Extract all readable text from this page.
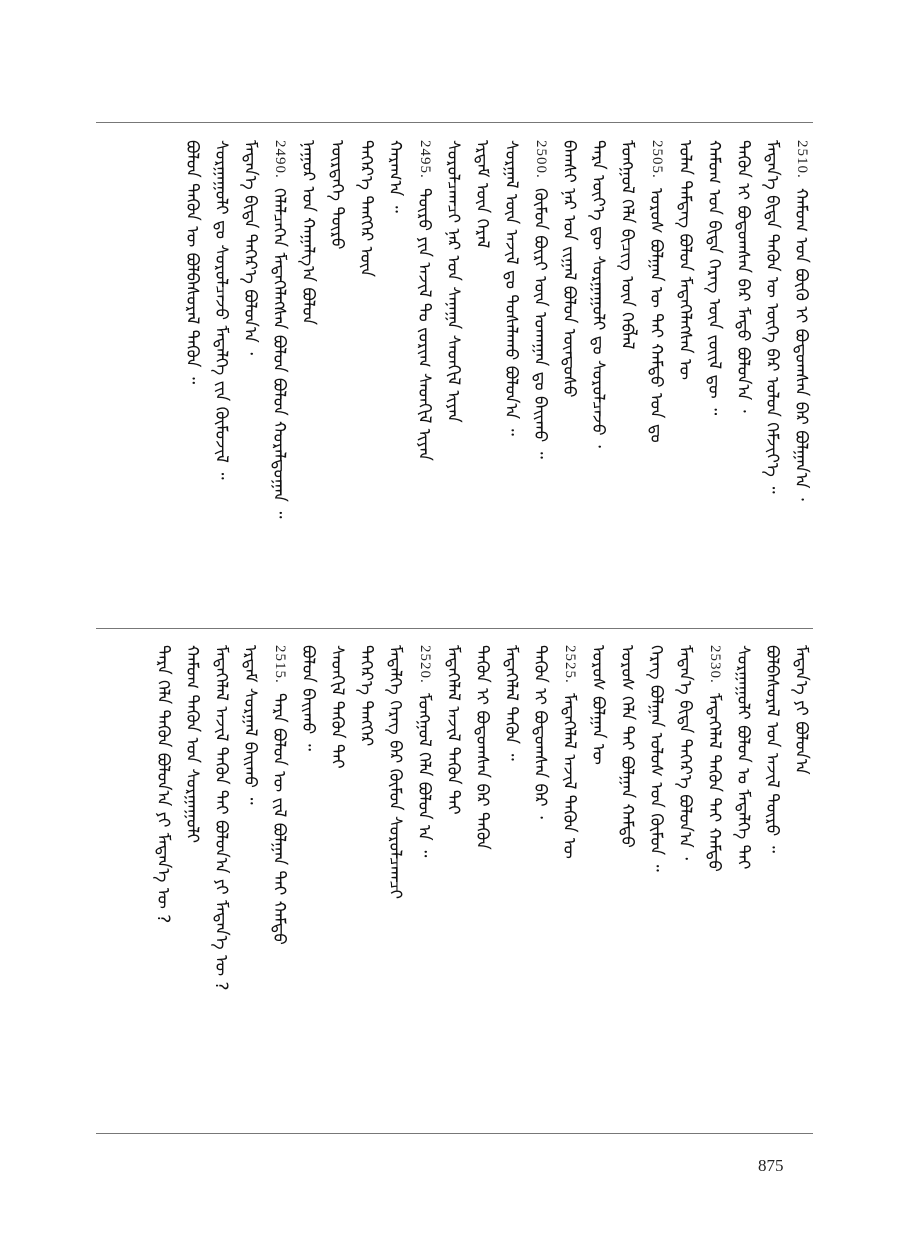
2510.
ᠬᠠᠮᠤᠭ ᠤᠨ ᠪᠦᠬᠦ ᠢ ᠪᠣᠳᠤᠭᠰᠠᠨ ᠪᠡᠷ ᠪᠣᠯᠭᠠᠨ᠎ᠠ ᠂
ᠮᠡᠳᠡᠨ᠎ᠡ ᠪᠢᠳᠡ ᠲᠡᠭᠦᠨ ᠦ ᠦᠭᠡ ᠪᠠᠷ ᠤᠯᠤᠨ ᠬᠡᠮᠵᠢᠶ᠎ᠡ ᠃
ᠲᠡᠭᠦᠨ ᠢ ᠪᠣᠳᠤᠭᠰᠠᠨ ᠪᠠᠷ ᠮᠠᠲᠤ ᠪᠣᠯᠤᠨ᠎ᠠ ᠂
ᠬᠠᠮᠤᠭ ᠤᠨ ᠪᠢᠳᠡ ᠬᠡᠷᠡᠭ ᠦᠨ ᠵᠦᠢᠯ ᠳᠦ ᠃
ᠣᠯᠠᠨ ᠲᠡᠮᠳᠡᠭ ᠪᠣᠯᠤᠨ ᠮᠡᠳᠡᠭᠡᠯᠡᠭᠰᠡᠨ ᠦ
2505.
ᠤᠷᠤᠰ ᠪᠣᠯᠭᠠᠨ ᠦ ᠲᠠᠢ ᠬᠠᠮᠲᠤ ᠤᠨ ᠳᠤ
ᠮᠣᠩᠭᠣᠯ ᠬᠡᠯᠡ ᠪᠢᠴᠢᠭ ᠦᠨ ᠬᠡᠪᠯᠡᠯ
ᠲᠡᠷᠡ ᠦᠶ᠎ᠡ ᠳᠦ ᠰᠤᠷᠭᠠᠭᠤᠯᠢ ᠳᠤ ᠰᠤᠷᠤᠯᠴᠠᠵᠤ ᠂
ᠪᠠᠭᠰᠢ ᠨᠠᠷ ᠤᠨ ᠵᠢᠭᠠᠯ ᠪᠣᠯᠤᠨ ᠦᠨᠳᠦᠰᠦ
2500.
ᠬᠦᠮᠦᠨ ᠪᠦᠷᠢ ᠦᠨ ᠤᠬᠠᠭᠠᠨ ᠳᠤ ᠪᠠᠢᠬᠤ ᠃
ᠰᠤᠷᠭᠠᠯ ᠦᠨ ᠠᠵᠢᠯ ᠳᠤ ᠲᠤᠰᠠᠯᠠᠬᠤ ᠪᠣᠯᠤᠨ᠎ᠠ ᠃
ᠡᠷᠳᠡᠮ ᠦᠨ ᠭᠡᠷᠡᠯ
ᠰᠤᠷᠤᠯᠴᠠᠭᠴᠢ ᠨᠠᠷ ᠤᠨ ᠰᠠᠨᠠᠭᠠ ᠰᠡᠳᠬᠢᠯ ᠢᠶᠡᠨ
2495.
ᠲᠦᠷᠦ ᠶᠢᠨ ᠠᠵᠢᠯ ᠲᠤ ᠵᠣᠷᠢᠭ ᠰᠡᠳᠬᠢᠯ ᠢᠶᠡᠨ
ᠬᠠᠷᠠᠭ᠎ᠠ ᠃
ᠳᠡᠭᠡᠷ᠎ᠡ ᠲᠡᠩᠭᠡᠷ ᠦᠨ
ᠦᠷᠲᠡᠭᠡ ᠲᠦᠷᠦ
ᠨᠠᠭᠤᠷ ᠤᠨ ᠬᠠᠭᠠᠯᠭ᠎ᠠ ᠪᠣᠯᠤᠨ
2490.
ᠬᠡᠯᠡᠯᠴᠡᠭᠡᠨ ᠮᠡᠳᠡᠭᠡᠯᠡᠭᠰᠡᠨ ᠪᠣᠯᠤᠨ ᠪᠣᠯᠤᠨ ᠬᠤᠷᠠᠯᠳᠤᠭᠠᠨ ᠃
ᠮᠡᠳᠡᠨ᠎ᠡ ᠪᠢᠳᠡ ᠳᠡᠭᠡᠷ᠎ᠡ ᠪᠣᠯᠤᠨ᠎ᠠ ᠂
ᠰᠤᠷᠭᠠᠭᠤᠯᠢ ᠳᠤ ᠰᠤᠷᠤᠯᠴᠠᠵᠤ ᠮᠡᠳᠡᠯᠭᠡ ᠵᠢᠨ ᠬᠦᠮᠦᠵᠢᠯ ᠃
ᠪᠣᠯᠤᠨ ᠲᠡᠭᠦᠨ ᠦ ᠪᠣᠯᠪᠠᠰᠤᠷᠠᠯ ᠲᠡᠭᠦᠨ ᠃
ᠮᠡᠳᠡᠨ᠎ᠡ ᠶᠢ ᠪᠣᠯᠤᠨ᠎ᠠ
ᠪᠣᠯᠪᠠᠰᠤᠷᠠᠯ ᠤᠨ ᠠᠵᠢᠯ ᠲᠦᠷᠦ ᠃
ᠰᠤᠷᠭᠠᠭᠤᠯᠢ ᠪᠣᠯᠤᠨ ᠤ ᠮᠡᠳᠡᠯᠭᠡ ᠲᠠᠢ
2530.
ᠮᠡᠳᠡᠭᠡᠯᠡᠯ ᠲᠡᠭᠦᠨ ᠲᠠᠢ ᠬᠠᠮᠲᠤ
ᠮᠡᠳᠡᠨ᠎ᠡ ᠪᠢᠳᠡ ᠳᠡᠭᠡᠷ᠎ᠡ ᠪᠣᠯᠤᠨ᠎ᠠ ᠂
ᠬᠡᠷᠡᠭ ᠪᠣᠯᠭᠠᠨ ᠤᠯᠤᠰ ᠤᠨ ᠬᠦᠮᠦᠨ ᠃
ᠤᠷᠤᠰ ᠬᠡᠯᠡ ᠲᠠᠢ ᠪᠣᠯᠭᠠᠨ ᠬᠠᠮᠲᠤ
ᠤᠷᠤᠰ ᠪᠣᠯᠭᠠᠨ ᠦ
2525.
ᠮᠡᠳᠡᠭᠡᠯᠡᠯ ᠠᠵᠢᠯ ᠲᠡᠭᠦᠨ ᠦ
ᠲᠡᠭᠦᠨ ᠢ ᠪᠣᠳᠤᠭᠰᠠᠨ ᠪᠠᠷ ᠂
ᠮᠡᠳᠡᠭᠡᠯᠡᠯ ᠲᠡᠭᠦᠨ ᠃
ᠲᠡᠭᠦᠨ ᠢ ᠪᠣᠳᠤᠭᠰᠠᠨ ᠪᠠᠷ ᠲᠡᠭᠦᠨ
ᠮᠡᠳᠡᠭᠡᠯᠡᠯ ᠠᠵᠢᠯ ᠲᠡᠭᠦᠨ ᠲᠠᠢ
2520.
ᠮᠣᠩᠭᠣᠯ ᠬᠡᠯᠡ ᠪᠣᠯᠤᠨ ᠠ ᠃
ᠮᠡᠳᠡᠯᠭᠡ ᠬᠡᠷᠡᠭ ᠪᠠᠷ ᠬᠦᠮᠦᠨ ᠰᠤᠷᠤᠯᠴᠠᠭᠴᠢ
ᠳᠡᠭᠡᠷ᠎ᠡ ᠲᠡᠩᠭᠡᠷ
ᠰᠡᠳᠬᠢᠯ ᠲᠡᠭᠦᠨ ᠲᠠᠢ
ᠪᠣᠯᠤᠨ ᠪᠠᠢᠬᠤ ᠃
2515.
ᠲᠡᠷᠡ ᠪᠣᠯᠤᠨ ᠦ ᠵᠢᠯ ᠪᠣᠯᠭᠠᠨ ᠲᠠᠢ ᠬᠠᠮᠲᠤ
ᠡᠷᠳᠡᠮ ᠰᠤᠷᠭᠠᠯ ᠪᠠᠢᠬᠤ ᠃
ᠮᠡᠳᠡᠭᠡᠯᠡᠯ ᠠᠵᠢᠯ ᠲᠡᠭᠦᠨ ᠲᠠᠢ ᠪᠣᠯᠤᠨ᠎ᠠ ᠶᠢ ᠮᠡᠳᠡᠨ᠎ᠡ ᠦ ?
ᠬᠠᠮᠤᠭ ᠲᠡᠭᠦᠨ ᠤᠨ ᠰᠤᠷᠭᠠᠭᠤᠯᠢ
ᠲᠡᠷᠡ ᠬᠡᠯᠡ ᠲᠡᠭᠦᠨ ᠪᠣᠯᠤᠨ᠎ᠠ ᠶᠢ ᠮᠡᠳᠡᠨ᠎ᠡ ᠦ ?
875
